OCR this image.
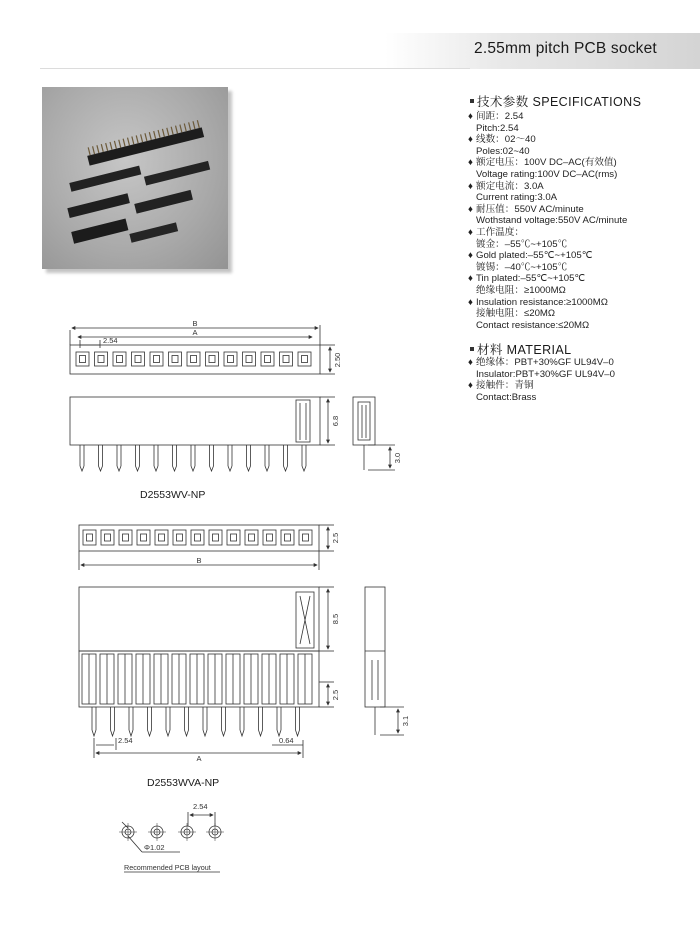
2.55mm pitch PCB socket
技术参数 SPECIFICATIONS
♦ 间距：2.54
Pitch:2.54
♦ 线数：02～40
Poles:02~40
♦ 额定电压：100V DC–AC(有效值)
Voltage rating:100V DC–AC(rms)
♦ 额定电流：3.0A
Current rating:3.0A
♦ 耐压值：550V AC/minute
Wothstand voltage:550V AC/minute
♦ 工作温度：
镀金：–55℃~+105℃
♦ Gold plated:–55℃~+105℃
镀锡：–40℃~+105℃
♦ Tin plated:–55℃~+105℃
绝缘电阻：≥1000MΩ
♦ Insulation resistance:≥1000MΩ
接触电阻：≤20MΩ
Contact resistance:≤20MΩ
材料 MATERIAL
♦ 绝缘体：PBT+30%GF UL94V–0
Insulator:PBT+30%GF UL94V–0
♦ 接触件：青铜
Contact:Brass
B
A
2.54
2.50
6.8
3.0
2.5
B
8.5
2.5
3.1
2.54
A
0.64
2.54
Φ1.02
Recommended PCB layout
D2553WV-NP
D2553WVA-NP
